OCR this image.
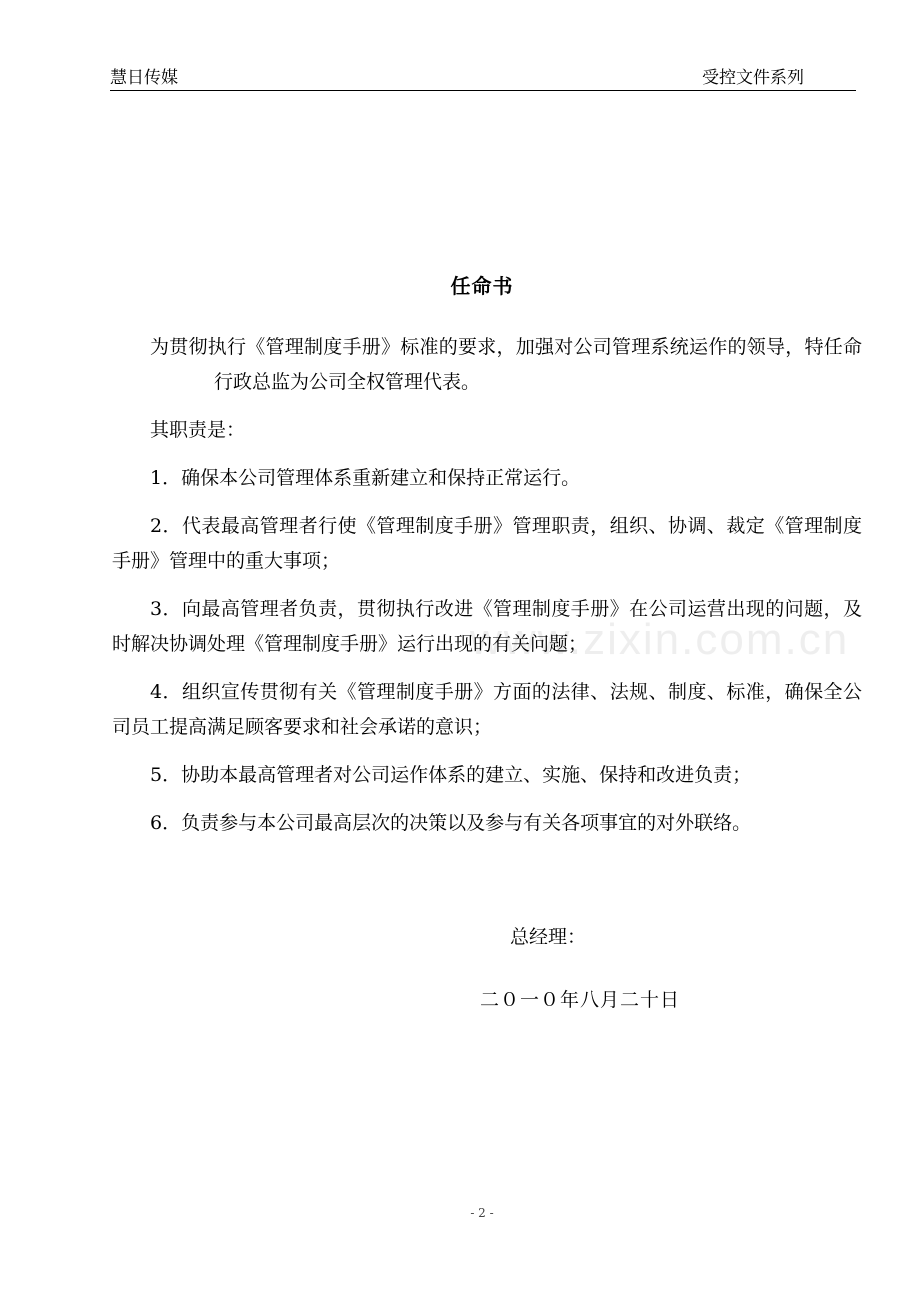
慧日传媒	受控文件系列
www.zixin.com.cn
任命书

为贯彻执行《管理制度手册》标准的要求，加强对公司管理系统运作的领导，特任命行政总监为公司全权管理代表。

其职责是：

1．确保本公司管理体系重新建立和保持正常运行。

2．代表最高管理者行使《管理制度手册》管理职责，组织、协调、裁定《管理制度手册》管理中的重大事项；

3．向最高管理者负责，贯彻执行改进《管理制度手册》在公司运营出现的问题，及时解决协调处理《管理制度手册》运行出现的有关问题；

4．组织宣传贯彻有关《管理制度手册》方面的法律、法规、制度、标准，确保全公司员工提高满足顾客要求和社会承诺的意识；

5．协助本最高管理者对公司运作体系的建立、实施、保持和改进负责；

6．负责参与本公司最高层次的决策以及参与有关各项事宜的对外联络。

总经理：
二０一０年八月二十日
- 2 -
